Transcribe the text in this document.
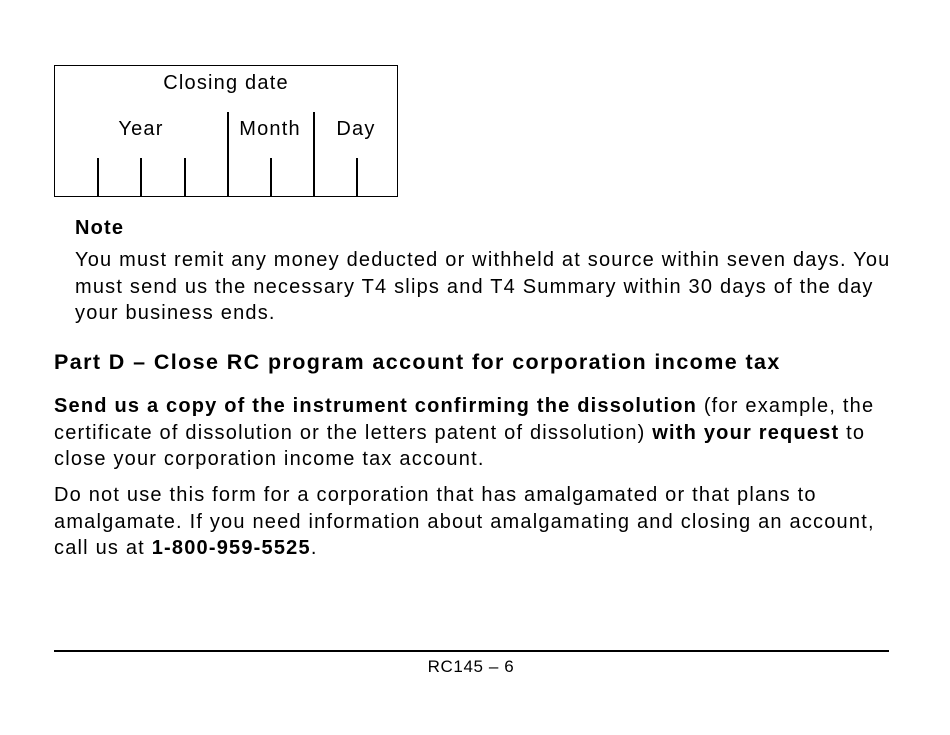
Closing date
Year	Month	Day
Note
You must remit any money deducted or withheld at source within seven days. You must send us the necessary T4 slips and T4 Summary within 30 days of the day your business ends.
Part D – Close RC program account for corporation income tax
Send us a copy of the instrument confirming the dissolution (for example, the certificate of dissolution or the letters patent of dissolution) with your request to close your corporation income tax account.
Do not use this form for a corporation that has amalgamated or that plans to amalgamate. If you need information about amalgamating and closing an account, call us at 1-800-959-5525.
RC145 – 6
